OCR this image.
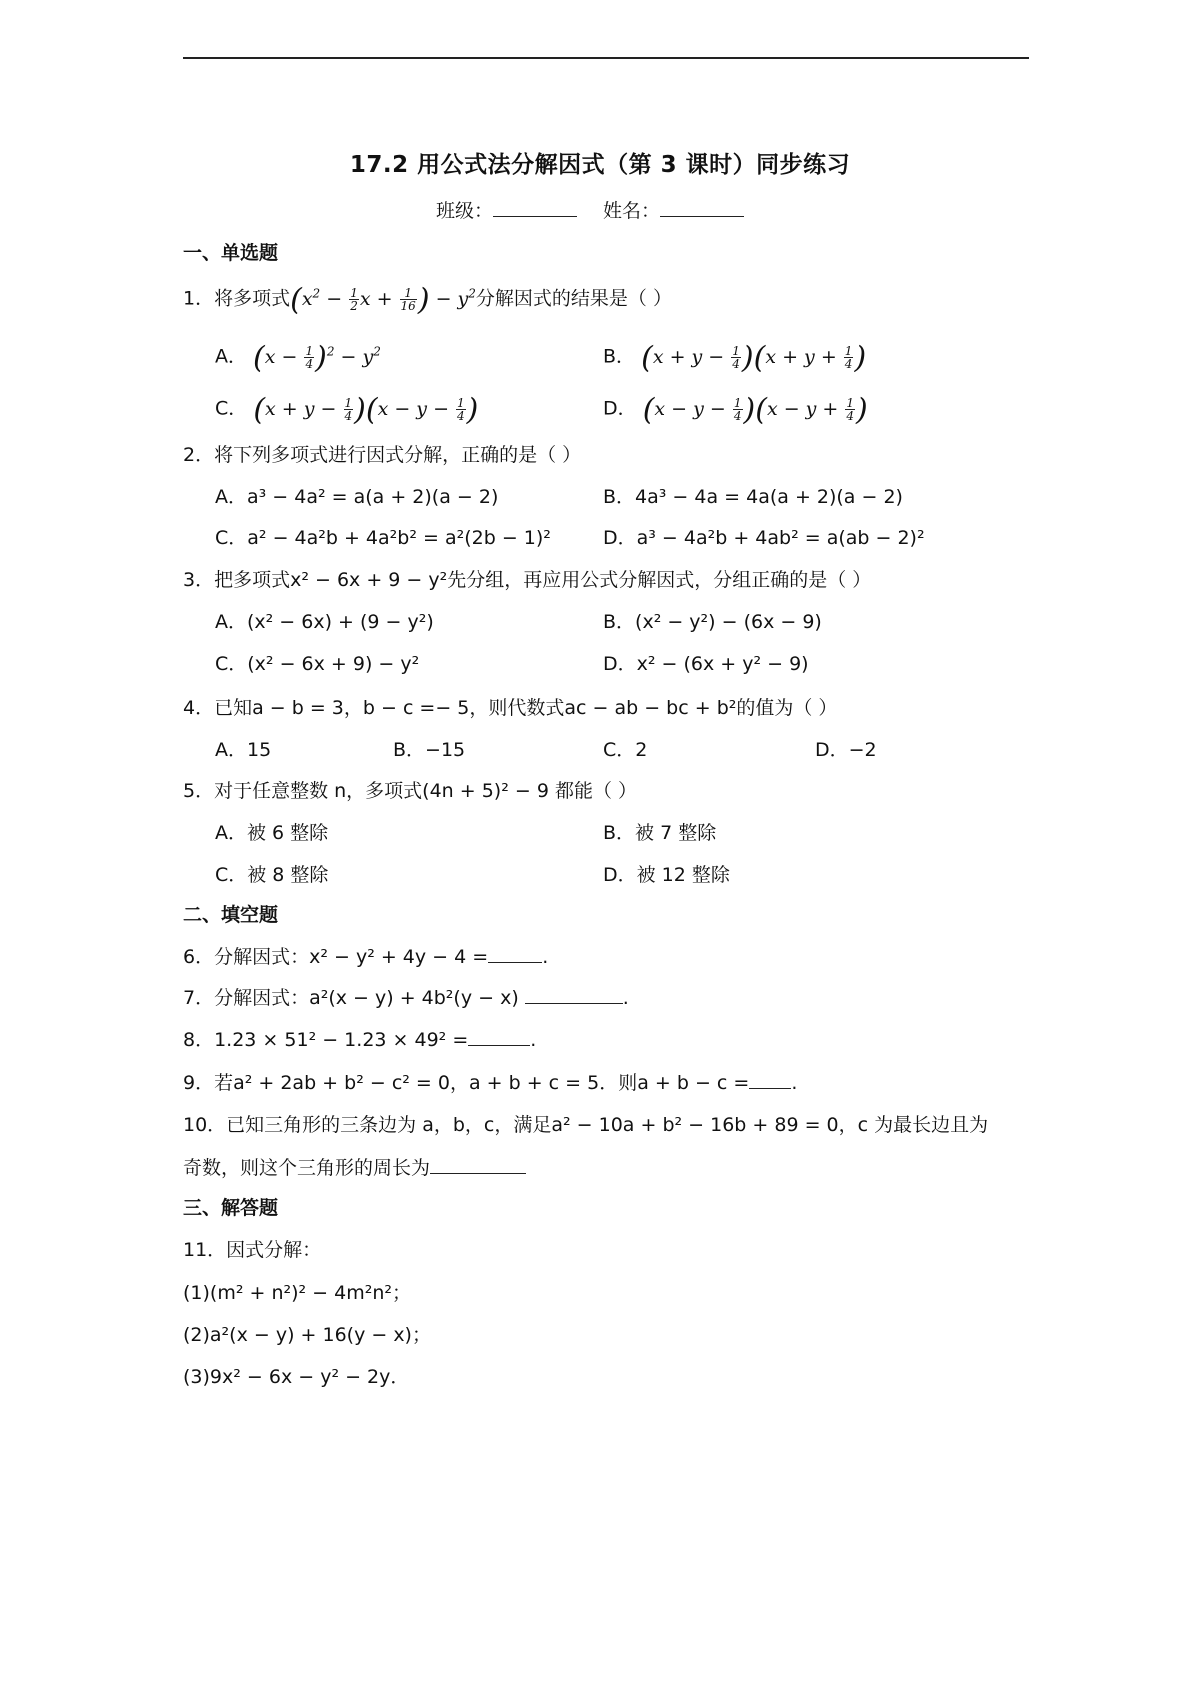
17.2 用公式法分解因式（第 3 课时）同步练习
班级：	姓名：
一、单选题
1．将多项式($x^2 - \frac{1}{2}$ $x + \frac{1}{16}$ ) − $y^2$分解因式的结果是（ ）
A． $(x - \frac{1}{4} )^2 - y^2$	B． $(x + y - \frac{1}{4} )(x + y + \frac{1}{4}$ )
C． $(x + y - \frac{1}{4} )(x - y - \frac{1}{4}$ )	D． $(x - y - \frac{1}{4} )(x - y + \frac{1}{4}$ )
2．将下列多项式进行因式分解，正确的是（ ）
A．a³ − 4a² = a(a + 2)(a − 2)	B．4a³ − 4a = 4a(a + 2)(a − 2)
C．a² − 4a²b + 4a²b² = a²(2b − 1)²	D．a³ − 4a²b + 4ab² = a(ab − 2)²
3．把多项式x² − 6x + 9 − y²先分组，再应用公式分解因式，分组正确的是（ ）
A．(x² − 6x) + (9 − y²)	B．(x² − y²) − (6x − 9)
C．(x² − 6x + 9) − y²	D．x² − (6x + y² − 9)
4．已知a − b = 3，b − c =− 5，则代数式ac − ab − bc + b²的值为（ ）
A．15	B．−15	C．2	D．−2
5．对于任意整数 n，多项式(4n + 5)² − 9 都能（ ）
A．被 6 整除	B．被 7 整除
C．被 8 整除	D．被 12 整除
二、填空题
6．分解因式：x² − y² + 4y − 4 =	.
7．分解因式：a²(x − y) + 4b²(y − x)	.
8．1.23 × 51² − 1.23 × 49² =	.
9．若a² + 2ab + b² − c² = 0，a + b + c = 5．则a + b − c = .
10．已知三角形的三条边为 a，b，c，满足a² − 10a + b² − 16b + 89 = 0，c 为最长边且为
奇数，则这个三角形的周长为
三、解答题
11．因式分解：
(1)(m² + n²)² − 4m²n²；
(2)a²(x − y) + 16(y − x)；
(3)9x² − 6x − y² − 2y．
